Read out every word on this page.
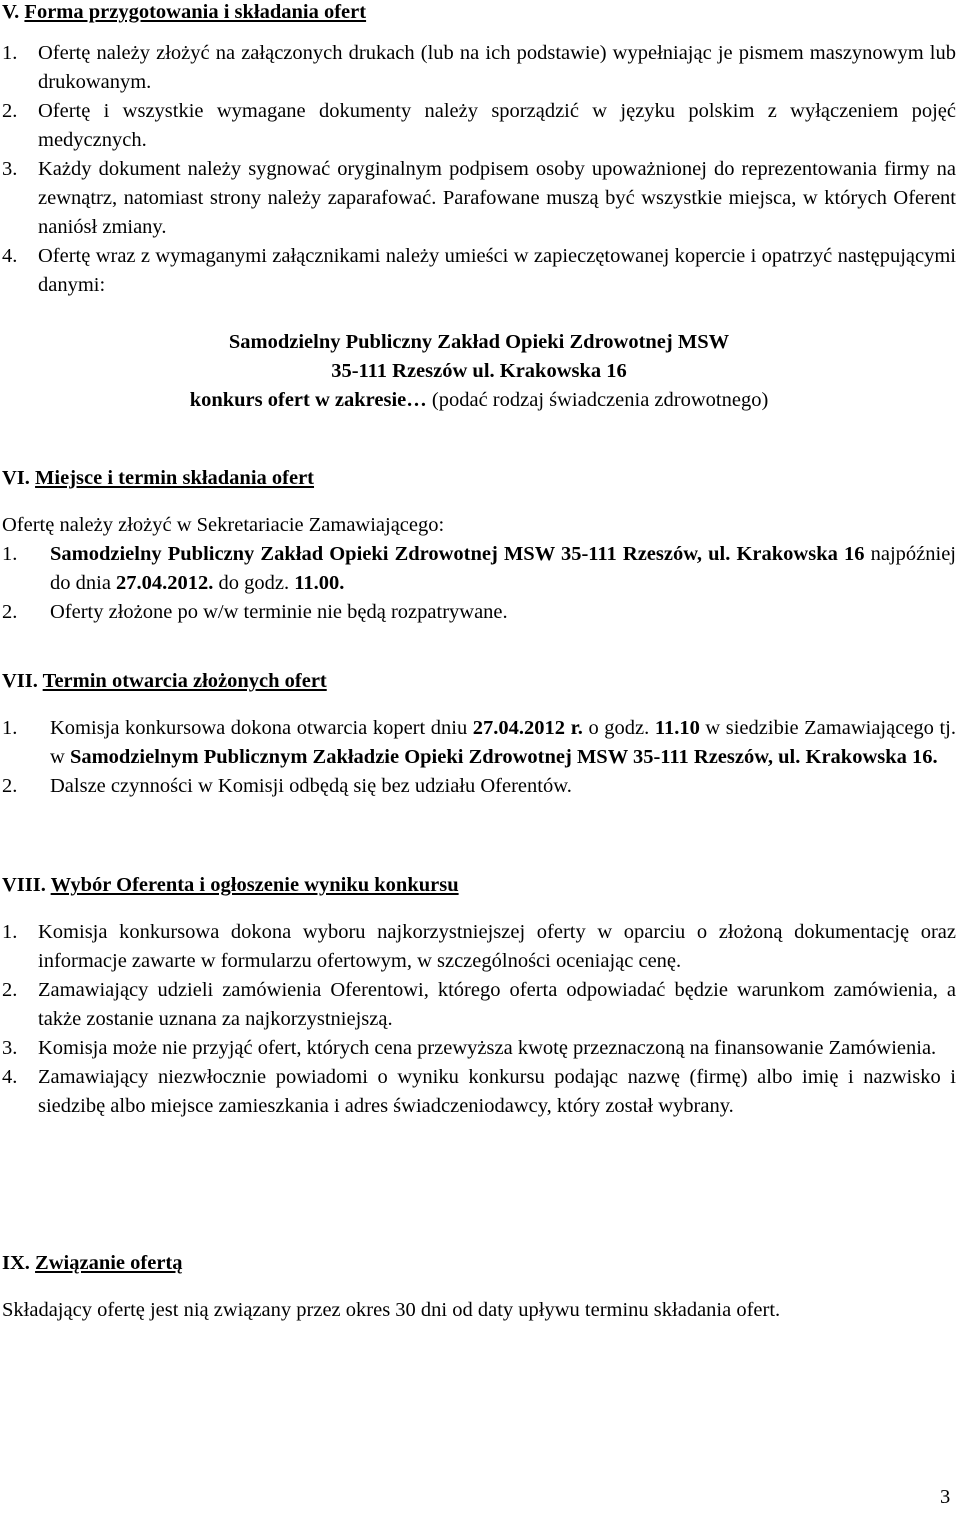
V. Forma przygotowania i składania ofert

1. Ofertę należy złożyć na załączonych drukach (lub na ich podstawie) wypełniając je pismem maszynowym lub drukowanym.
2. Ofertę i wszystkie wymagane dokumenty należy sporządzić w języku polskim z wyłączeniem pojęć medycznych.
3. Każdy dokument należy sygnować oryginalnym podpisem osoby upoważnionej do reprezentowania firmy na zewnątrz, natomiast strony należy zaparafować. Parafowane muszą być wszystkie miejsca, w których Oferent naniósł zmiany.
4. Ofertę wraz z wymaganymi załącznikami należy umieści w zapieczętowanej kopercie i opatrzyć następującymi danymi:

Samodzielny Publiczny Zakład Opieki Zdrowotnej MSW

35-111 Rzeszów ul. Krakowska 16

konkurs ofert w zakresie… (podać rodzaj świadczenia zdrowotnego)

VI. Miejsce i termin składania ofert

Ofertę należy złożyć w Sekretariacie Zamawiającego:

1. Samodzielny Publiczny Zakład Opieki Zdrowotnej MSW 35-111 Rzeszów, ul. Krakowska 16 najpóźniej do dnia 27.04.2012. do godz. 11.00.
2. Oferty złożone po w/w terminie nie będą rozpatrywane.

VII. Termin otwarcia złożonych ofert

1. Komisja konkursowa dokona otwarcia kopert dniu 27.04.2012 r. o godz. 11.10 w siedzibie Zamawiającego tj. w Samodzielnym Publicznym Zakładzie Opieki Zdrowotnej MSW 35-111 Rzeszów, ul. Krakowska 16.
2. Dalsze czynności w Komisji odbędą się bez udziału Oferentów.

VIII. Wybór Oferenta i ogłoszenie wyniku konkursu

1. Komisja konkursowa dokona wyboru najkorzystniejszej oferty w oparciu o złożoną dokumentację oraz informacje zawarte w formularzu ofertowym, w szczególności oceniając cenę.
2. Zamawiający udzieli zamówienia Oferentowi, którego oferta odpowiadać będzie warunkom zamówienia, a także zostanie uznana za najkorzystniejszą.
3. Komisja może nie przyjąć ofert, których cena przewyższa kwotę przeznaczoną na finansowanie Zamówienia.
4. Zamawiający niezwłocznie powiadomi o wyniku konkursu podając nazwę (firmę) albo imię i nazwisko i siedzibę albo miejsce zamieszkania i adres świadczeniodawcy, który został wybrany.

IX. Związanie ofertą

Składający ofertę jest nią związany przez okres 30 dni od daty upływu terminu składania ofert.

3
